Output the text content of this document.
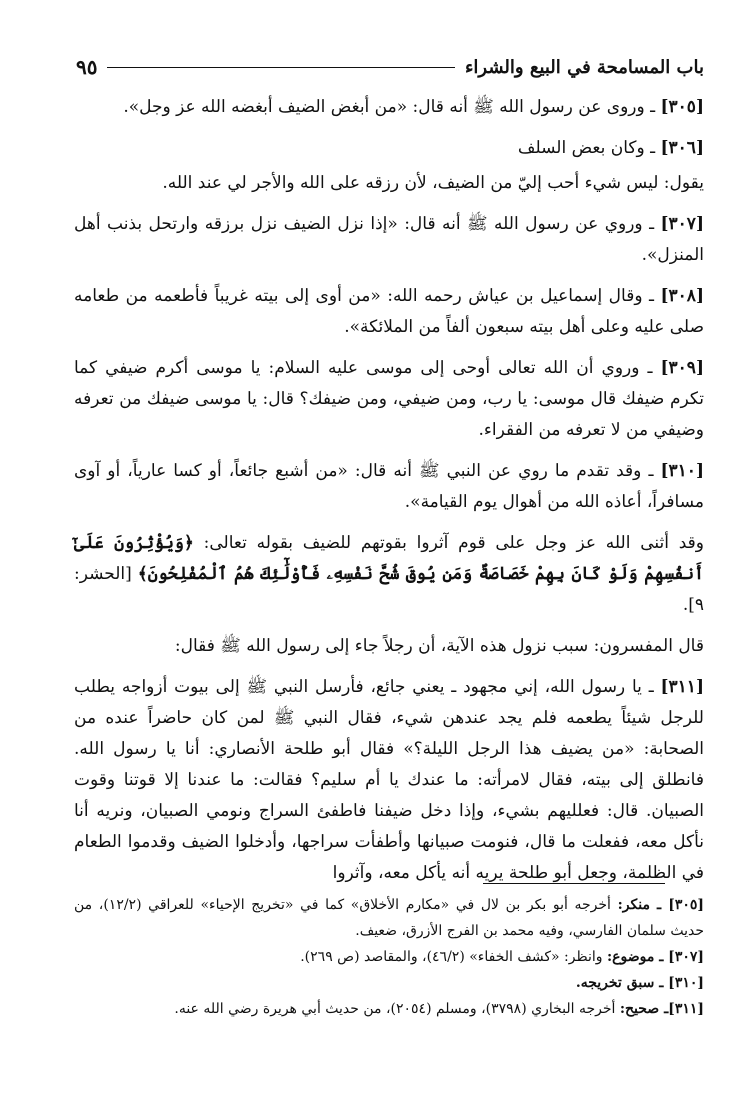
باب المسامحة في البيع والشراء
٩٥

[٣٠٥] ـ وروى عن رسول الله ﷺ أنه قال: «من أبغض الضيف أبغضه الله عز وجل».

[٣٠٦] ـ وكان بعض السلف

يقول: ليس شيء أحب إليّ من الضيف، لأن رزقه على الله والأجر لي عند الله.

[٣٠٧] ـ وروي عن رسول الله ﷺ أنه قال: «إذا نزل الضيف نزل برزقه وارتحل بذنب أهل المنزل».

[٣٠٨] ـ وقال إسماعيل بن عياش رحمه الله: «من أوى إلى بيته غريباً فأطعمه من طعامه صلى عليه وعلى أهل بيته سبعون ألفاً من الملائكة».

[٣٠٩] ـ وروي أن الله تعالى أوحى إلى موسى عليه السلام: يا موسى أكرم ضيفي كما تكرم ضيفك قال موسى: يا رب، ومن ضيفي، ومن ضيفك؟ قال: يا موسى ضيفك من تعرفه وضيفي من لا تعرفه من الفقراء.

[٣١٠] ـ وقد تقدم ما روي عن النبي ﷺ أنه قال: «من أشبع جائعاً، أو كسا عارياً، أو آوى مسافراً، أعاذه الله من أهوال يوم القيامة».

وقد أثنى الله عز وجل على قوم آثروا بقوتهم للضيف بقوله تعالى: ﴿وَيُؤْثِرُونَ عَلَىٰٓ أَنفُسِهِمْ وَلَوْ كَانَ بِهِمْ خَصَاصَةٌ وَمَن يُوقَ شُحَّ نَفْسِهِۦ فَأُوْلَٰٓئِكَ هُمُ ٱلْمُفْلِحُونَ﴾ [الحشر: ٩].

قال المفسرون: سبب نزول هذه الآية، أن رجلاً جاء إلى رسول الله ﷺ فقال:

[٣١١] ـ يا رسول الله، إني مجهود ـ يعني جائع، فأرسل النبي ﷺ إلى بيوت أزواجه يطلب للرجل شيئاً يطعمه فلم يجد عندهن شيء، فقال النبي ﷺ لمن كان حاضراً عنده من الصحابة: «من يضيف هذا الرجل الليلة؟» فقال أبو طلحة الأنصاري: أنا يا رسول الله. فانطلق إلى بيته، فقال لامرأته: ما عندك يا أم سليم؟ فقالت: ما عندنا إلا قوتنا وقوت الصبيان. قال: فعلليهم بشيء، وإذا دخل ضيفنا فاطفئ السراج ونومي الصبيان، ونريه أنا نأكل معه، ففعلت ما قال، فنومت صبيانها وأطفأت سراجها، وأدخلوا الضيف وقدموا الطعام في الظلمة، وجعل أبو طلحة يريه أنه يأكل معه، وآثروا

[٣٠٥] ـ منكر: أخرجه أبو بكر بن لال في «مكارم الأخلاق» كما في «تخريج الإحياء» للعراقي (١٢/٢)، من حديث سلمان الفارسي، وفيه محمد بن الفرج الأزرق، ضعيف.

[٣٠٧] ـ موضوع: وانظر: «كشف الخفاء» (٤٦/٢)، والمقاصد (ص ٢٦٩).

[٣١٠] ـ سبق تخريجه.

[٣١١]ـ صحيح: أخرجه البخاري (٣٧٩٨)، ومسلم (٢٠٥٤)، من حديث أبي هريرة رضي الله عنه.
